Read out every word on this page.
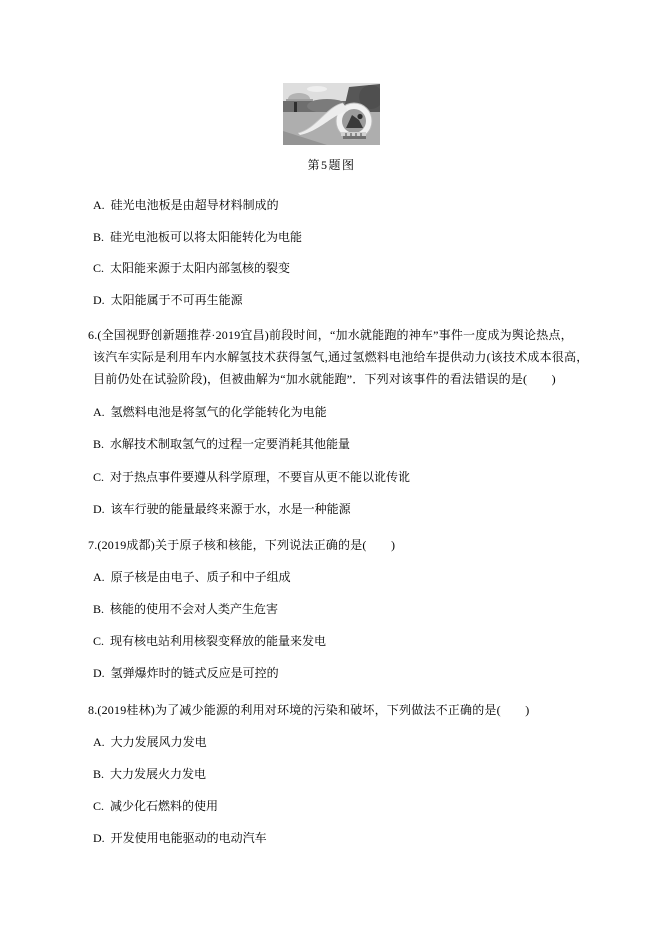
第5题图
A. 硅光电池板是由超导材料制成的
B. 硅光电池板可以将太阳能转化为电能
C. 太阳能来源于太阳内部氢核的裂变
D. 太阳能属于不可再生能源
6.(全国视野创新题推荐·2019宜昌)前段时间，“加水就能跑的神车”事件一度成为舆论热点，
该汽车实际是利用车内水解氢技术获得氢气,通过氢燃料电池给车提供动力(该技术成本很高，
目前仍处在试验阶段)，但被曲解为“加水就能跑”．下列对该事件的看法错误的是(　　)
A. 氢燃料电池是将氢气的化学能转化为电能
B. 水解技术制取氢气的过程一定要消耗其他能量
C. 对于热点事件要遵从科学原理，不要盲从更不能以讹传讹
D. 该车行驶的能量最终来源于水，水是一种能源
7.(2019成都)关于原子核和核能，下列说法正确的是(　　)
A. 原子核是由电子、质子和中子组成
B. 核能的使用不会对人类产生危害
C. 现有核电站利用核裂变释放的能量来发电
D. 氢弹爆炸时的链式反应是可控的
8.(2019桂林)为了减少能源的利用对环境的污染和破坏，下列做法不正确的是(　　)
A. 大力发展风力发电
B. 大力发展火力发电
C. 减少化石燃料的使用
D. 开发使用电能驱动的电动汽车
